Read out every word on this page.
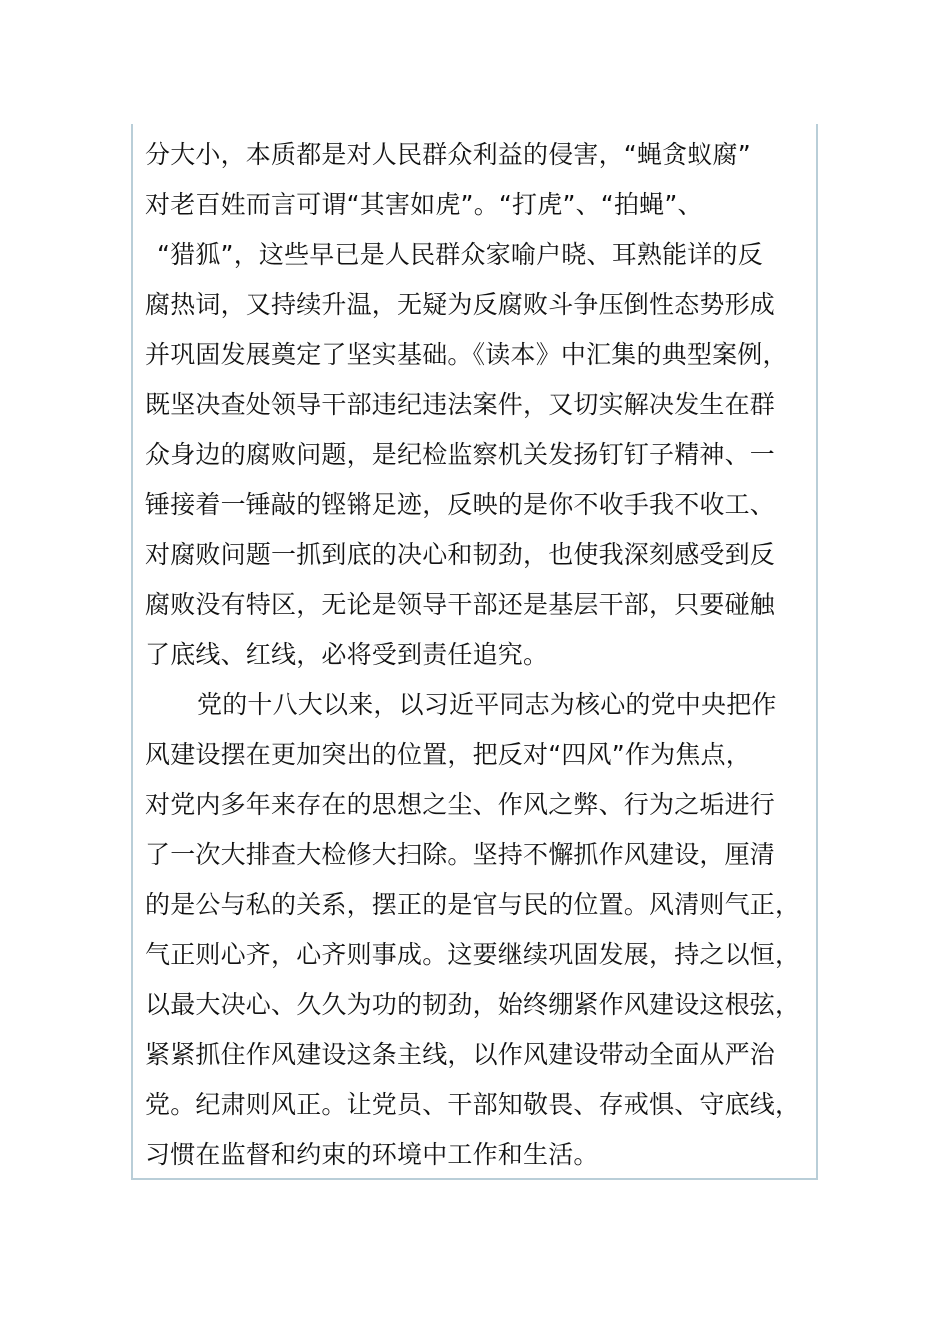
分大小，本质都是对人民群众利益的侵害，“蝇贪蚁腐”
对老百姓而言可谓“其害如虎”。“打虎”、“拍蝇”、
“猎狐”，这些早已是人民群众家喻户晓、耳熟能详的反
腐热词，又持续升温，无疑为反腐败斗争压倒性态势形成
并巩固发展奠定了坚实基础。《读本》中汇集的典型案例，
既坚决查处领导干部违纪违法案件，又切实解决发生在群
众身边的腐败问题，是纪检监察机关发扬钉钉子精神、一
锤接着一锤敲的铿锵足迹，反映的是你不收手我不收工、
对腐败问题一抓到底的决心和韧劲，也使我深刻感受到反
腐败没有特区，无论是领导干部还是基层干部，只要碰触
了底线、红线，必将受到责任追究。
党的十八大以来，以习近平同志为核心的党中央把作
风建设摆在更加突出的位置，把反对“四风”作为焦点，
对党内多年来存在的思想之尘、作风之弊、行为之垢进行
了一次大排查大检修大扫除。坚持不懈抓作风建设，厘清
的是公与私的关系，摆正的是官与民的位置。风清则气正，
气正则心齐，心齐则事成。这要继续巩固发展，持之以恒，
以最大决心、久久为功的韧劲，始终绷紧作风建设这根弦，
紧紧抓住作风建设这条主线，以作风建设带动全面从严治
党。纪肃则风正。让党员、干部知敬畏、存戒惧、守底线，
习惯在监督和约束的环境中工作和生活。
